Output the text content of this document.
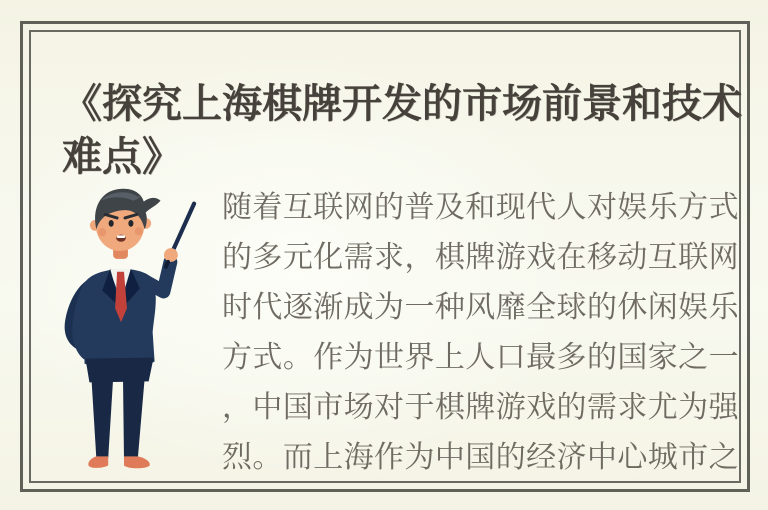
《探究上海棋牌开发的市场前景和技术难点》
随着互联网的普及和现代人对娱乐方式
的多元化需求，棋牌游戏在移动互联网
时代逐渐成为一种风靡全球的休闲娱乐
方式。作为世界上人口最多的国家之一
，中国市场对于棋牌游戏的需求尤为强
烈。而上海作为中国的经济中心城市之
